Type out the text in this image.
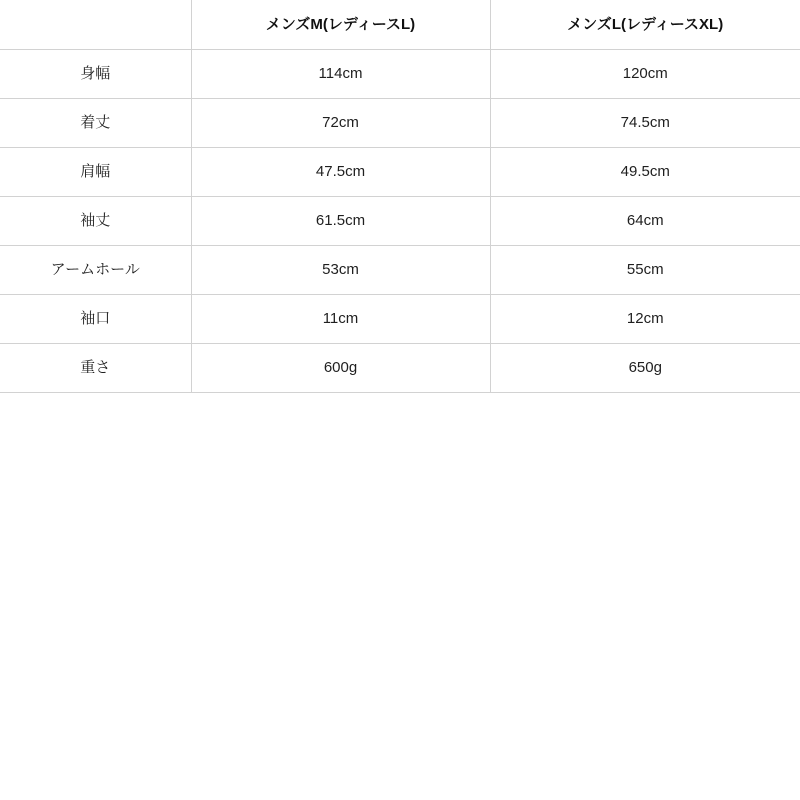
	メンズM(レディースL)	メンズL(レディースXL)
身幅	114cm	120cm
着丈	72cm	74.5cm
肩幅	47.5cm	49.5cm
袖丈	61.5cm	64cm
アームホール	53cm	55cm
袖口	11cm	12cm
重さ	600g	650g
